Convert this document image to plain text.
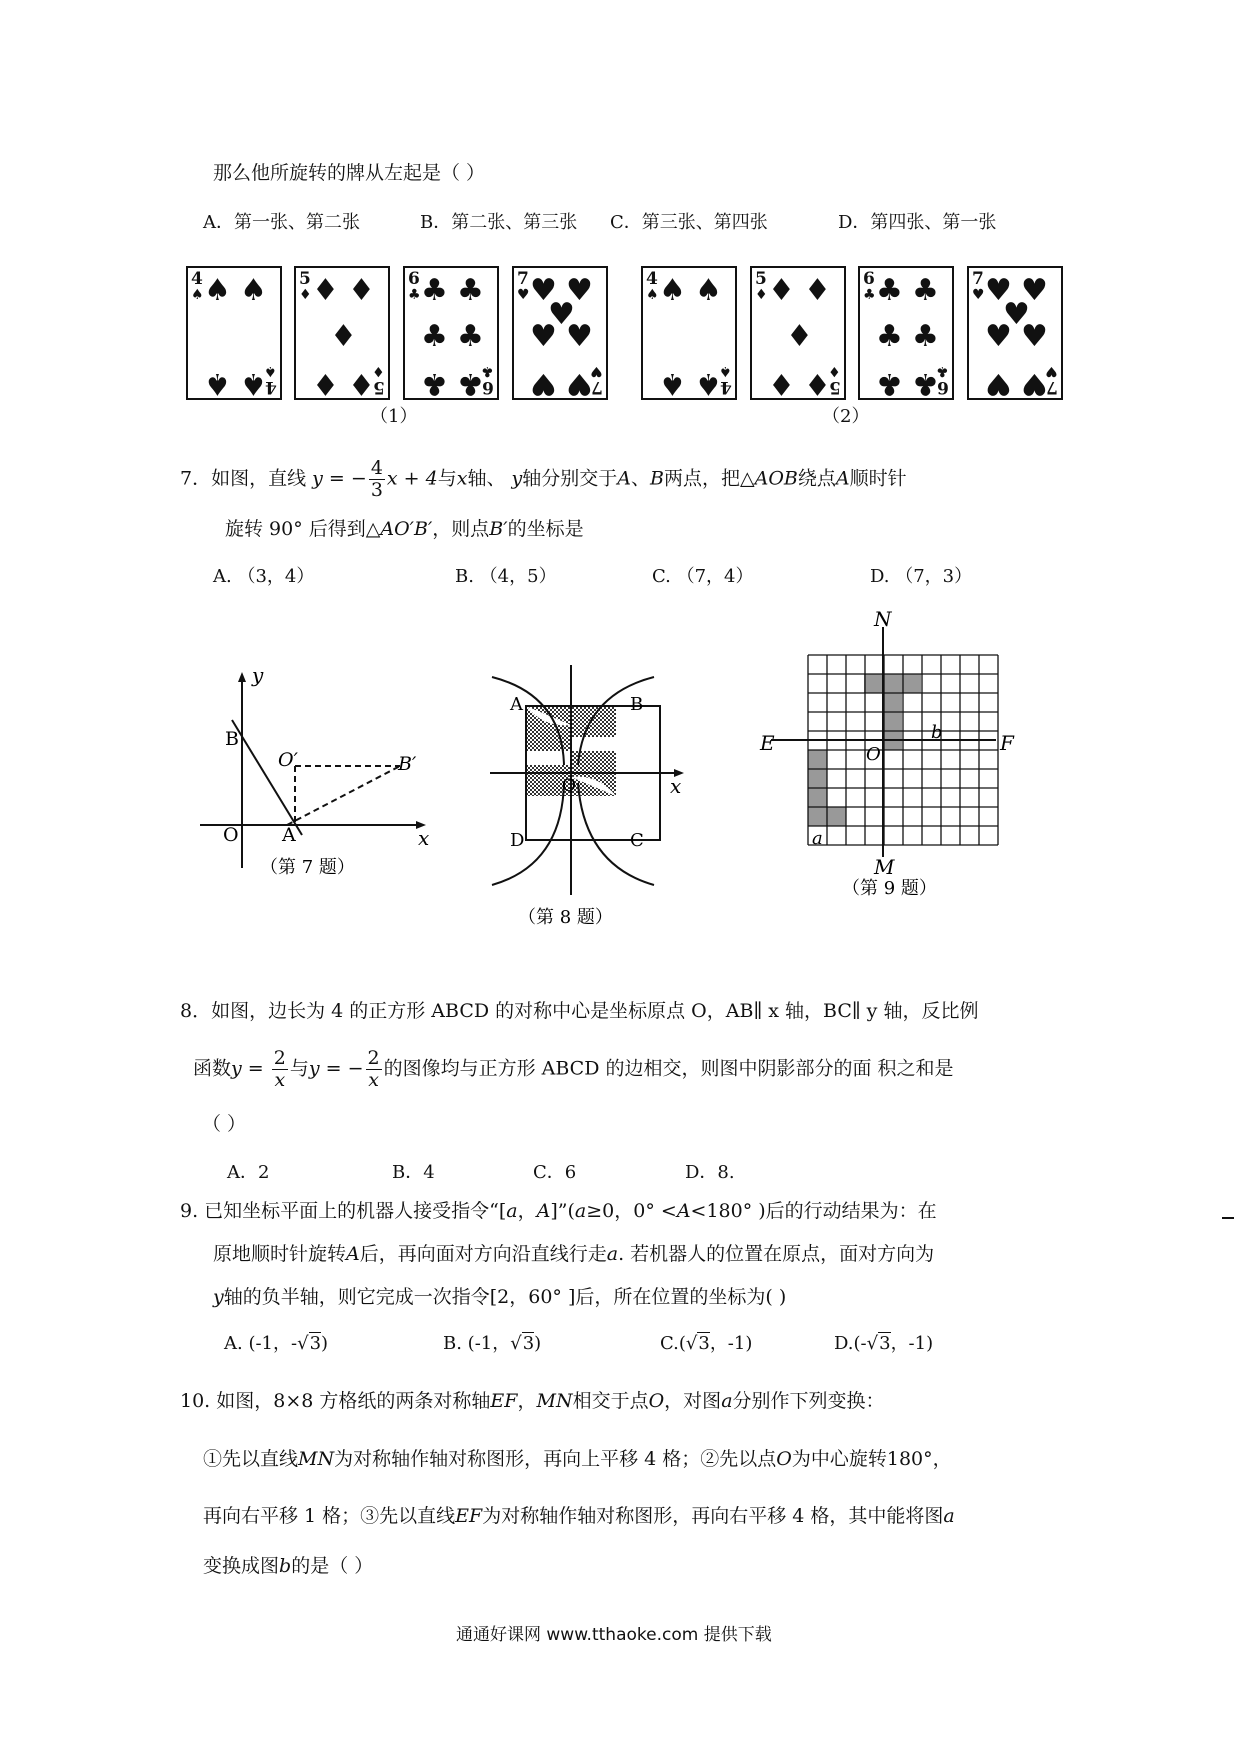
那么他所旋转的牌从左起是（ ）
A．第一张、第二张	B．第二张、第三张 C．第三张、第四张	D．第四张、第一张
4
♠
4
♠
♠ ♠
♠ ♠
5
♦
5
♦
♦ ♦
♦
♦ ♦
6
♣
6
♣
♣ ♣
♣ ♣
♣ ♣
7
♥
7
♥
♥ ♥
♥
♥ ♥
♥ ♥
4
♠
4
♠
♠ ♠
♠ ♠
5
♦
5
♦
♦ ♦
♦
♦ ♦
6
♣
6
♣
♣ ♣
♣ ♣
♣ ♣
7
♥
7
♥
♥ ♥
♥
♥ ♥
♥ ♥
（1）	（2）
7．如图，直线 y = − $\frac{4}{3}$ x + 4与x轴、 y轴分别交于A、B两点，把△AOB绕点A顺时针
旋转 90° 后得到△AO′B′，则点B′的坐标是
A. （3，4）	B. （4，5）	C. （7，4）	D. （7，3）
y
B
O′	B′
O A	x
（第 7 题）
A	B
C
D
O	x
（第 8 题）
N
E	F
M
O
a
b
（第 9 题）
8．如图，边长为 4 的正方形 ABCD 的对称中心是坐标原点 O，AB∥ x 轴，BC∥ y 轴，反比例
函数$y = \frac{2}{x}$ 与y = − $\frac{2}{x}$ 的图像均与正方形 ABCD 的边相交，则图中阴影部分的面 积之和是
（ ）
A．2	B．4	C．6	D．8.
9. 已知坐标平面上的机器人接受指令“[a，A]”(a≥0，0° <A<180° )后的行动结果为：在
原地顺时针旋转A后，再向面对方向沿直线行走a. 若机器人的位置在原点，面对方向为
y轴的负半轴，则它完成一次指令[2，60° ]后，所在位置的坐标为( )
A. (-1，-√3)	B. (-1，√3)	C.(√3，-1)	D.(-√3，-1)
10. 如图，8×8 方格纸的两条对称轴EF，MN相交于点O，对图a分别作下列变换：
①先以直线MN为对称轴作轴对称图形，再向上平移 4 格；②先以点O为中心旋转180°，
再向右平移 1 格；③先以直线EF为对称轴作轴对称图形，再向右平移 4 格，其中能将图a
变换成图b的是（ ）
通通好课网 www.tthaoke.com 提供下载
